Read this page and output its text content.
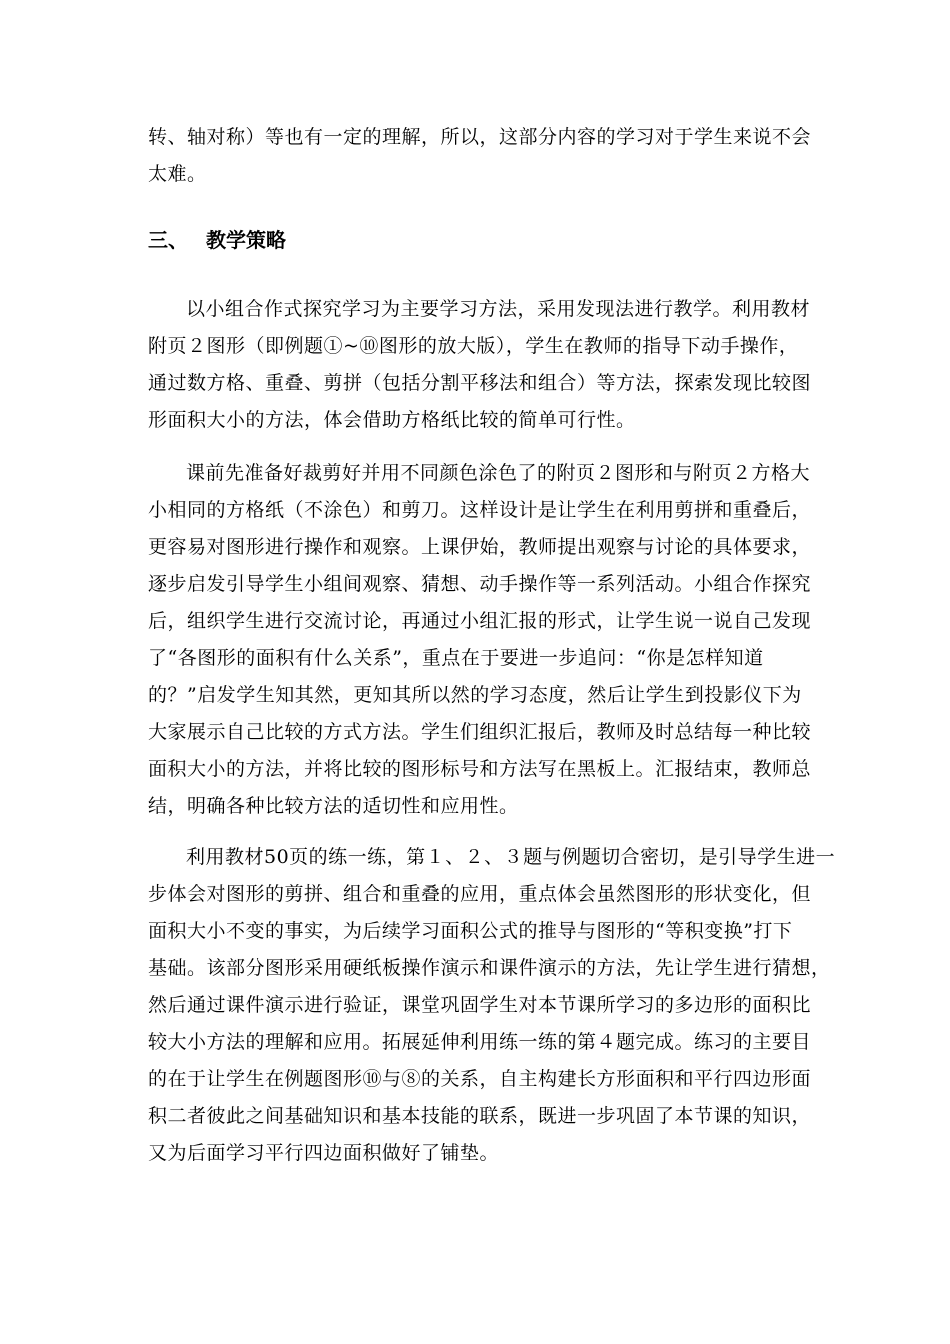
转、轴对称）等也有一定的理解，所以，这部分内容的学习对于学生来说不会
太难。
三、 教学策略
以小组合作式探究学习为主要学习方法，采用发现法进行教学。利用教材
附页２图形（即例题①~⑩图形的放大版），学生在教师的指导下动手操作，
通过数方格、重叠、剪拼（包括分割平移法和组合）等方法，探索发现比较图
形面积大小的方法，体会借助方格纸比较的简单可行性。
课前先准备好裁剪好并用不同颜色涂色了的附页２图形和与附页２方格大
小相同的方格纸（不涂色）和剪刀。这样设计是让学生在利用剪拼和重叠后，
更容易对图形进行操作和观察。上课伊始，教师提出观察与讨论的具体要求，
逐步启发引导学生小组间观察、猜想、动手操作等一系列活动。小组合作探究
后，组织学生进行交流讨论，再通过小组汇报的形式，让学生说一说自己发现
了“各图形的面积有什么关系”，重点在于要进一步追问：“你是怎样知道
的？”启发学生知其然，更知其所以然的学习态度，然后让学生到投影仪下为
大家展示自己比较的方式方法。学生们组织汇报后，教师及时总结每一种比较
面积大小的方法，并将比较的图形标号和方法写在黑板上。汇报结束，教师总
结，明确各种比较方法的适切性和应用性。
利用教材50页的练一练，第１、２、３题与例题切合密切，是引导学生进一
步体会对图形的剪拼、组合和重叠的应用，重点体会虽然图形的形状变化，但
面积大小不变的事实，为后续学习面积公式的推导与图形的“等积变换”打下
基础。该部分图形采用硬纸板操作演示和课件演示的方法，先让学生进行猜想，
然后通过课件演示进行验证，课堂巩固学生对本节课所学习的多边形的面积比
较大小方法的理解和应用。拓展延伸利用练一练的第４题完成。练习的主要目
的在于让学生在例题图形⑩与⑧的关系，自主构建长方形面积和平行四边形面
积二者彼此之间基础知识和基本技能的联系，既进一步巩固了本节课的知识，
又为后面学习平行四边面积做好了铺垫。
